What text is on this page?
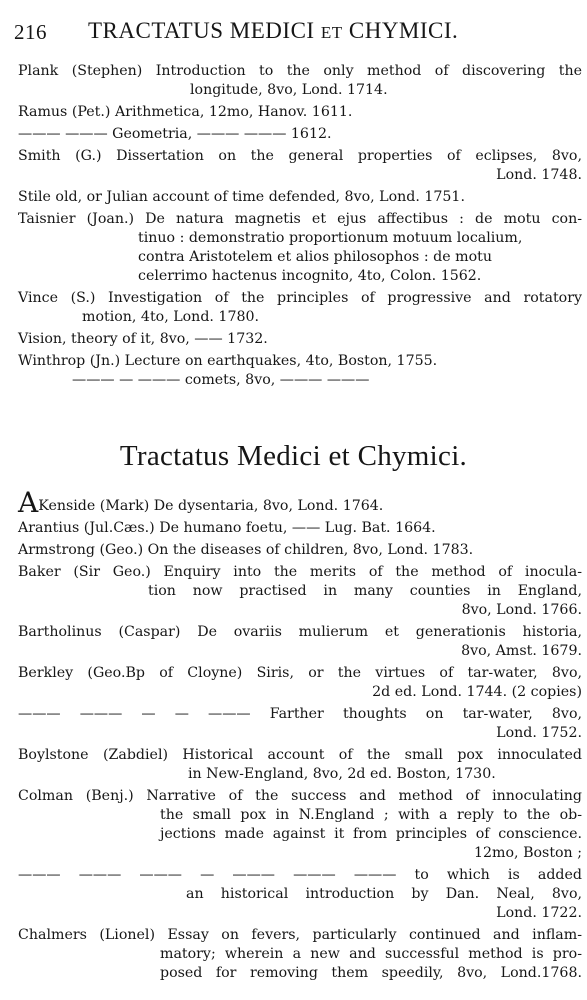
216 TRACTATUS MEDICI ET CHYMICI.
Plank (Stephen) Introduction to the only method of discovering the
longitude, 8vo, Lond. 1714.
Ramus (Pet.) Arithmetica, 12mo, Hanov. 1611.
——— ——— Geometria, ——— ——— 1612.
Smith (G.) Dissertation on the general properties of eclipses, 8vo,
Lond. 1748.
Stile old, or Julian account of time defended, 8vo, Lond. 1751.
Taisnier (Joan.) De natura magnetis et ejus affectibus : de motu con-
tinuo : demonstratio proportionum motuum localium,
contra Aristotelem et alios philosophos : de motu
celerrimo hactenus incognito, 4to, Colon. 1562.
Vince (S.) Investigation of the principles of progressive and rotatory
motion, 4to, Lond. 1780.
Vision, theory of it, 8vo, —— 1732.
Winthrop (Jn.) Lecture on earthquakes, 4to, Boston, 1755.
——— — ——— comets, 8vo, ——— ———
Tractatus Medici et Chymici.
AKenside (Mark) De dysentaria, 8vo, Lond. 1764.
Arantius (Jul.Cæs.) De humano foetu, —— Lug. Bat. 1664.
Armstrong (Geo.) On the diseases of children, 8vo, Lond. 1783.
Baker (Sir Geo.) Enquiry into the merits of the method of inocula-
tion now practised in many counties in England,
8vo, Lond. 1766.
Bartholinus (Caspar) De ovariis mulierum et generationis historia,
8vo, Amst. 1679.
Berkley (Geo.Bp of Cloyne) Siris, or the virtues of tar-water, 8vo,
2d ed. Lond. 1744. (2 copies)
——— ——— — — ——— Farther thoughts on tar-water, 8vo,
Lond. 1752.
Boylstone (Zabdiel) Historical account of the small pox innoculated
in New-England, 8vo, 2d ed. Boston, 1730.
Colman (Benj.) Narrative of the success and method of innoculating
the small pox in N.England ; with a reply to the ob-
jections made against it from principles of conscience.
12mo, Boston ;
——— ——— ——— — ——— ——— ——— to which is added
an historical introduction by Dan. Neal, 8vo,
Lond. 1722.
Chalmers (Lionel) Essay on fevers, particularly continued and inflam-
matory; wherein a new and successful method is pro-
posed for removing them speedily, 8vo, Lond.1768.
